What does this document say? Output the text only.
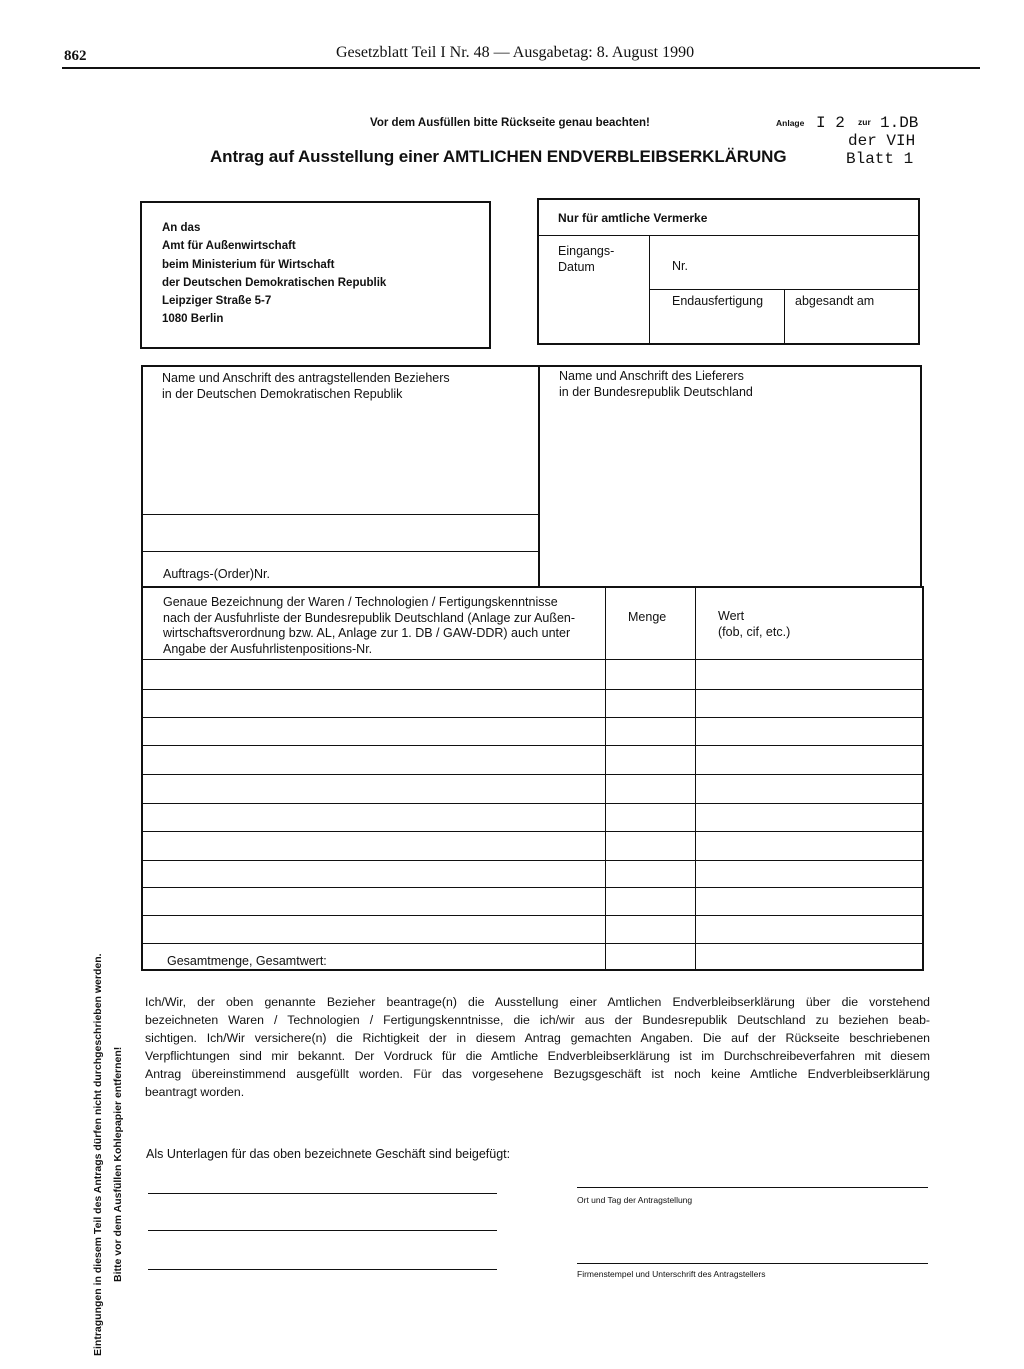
862	Gesetzblatt Teil I Nr. 48 — Ausgabetag: 8. August 1990
Vor dem Ausfüllen bitte Rückseite genau beachten!	Anlage I 2 zur 1.DB
der VIH
Blatt 1
Antrag auf Ausstellung einer AMTLICHEN ENDVERBLEIBSERKLÄRUNG
An das
Amt für Außenwirtschaft
beim Ministerium für Wirtschaft
der Deutschen Demokratischen Republik
Leipziger Straße 5-7
1080 Berlin
Nur für amtliche Vermerke
Eingangs-
Datum	Nr.
Endausfertigung	abgesandt am
Name und Anschrift des antragstellenden Beziehers
in der Deutschen Demokratischen Republik
Name und Anschrift des Lieferers
in der Bundesrepublik Deutschland
Auftrags-(Order)Nr.
Genaue Bezeichnung der Waren / Technologien / Fertigungskenntnisse
nach der Ausfuhrliste der Bundesrepublik Deutschland (Anlage zur Außen-
wirtschaftsverordnung bzw. AL, Anlage zur 1. DB / GAW-DDR) auch unter
Angabe der Ausfuhrlistenpositions-Nr.
Menge	Wert
(fob, cif, etc.)
Gesamtmenge, Gesamtwert:
Ich/Wir, der oben genannte Bezieher beantrage(n) die Ausstellung einer Amtlichen Endverbleibserklärung über die vorstehend
bezeichneten Waren / Technologien / Fertigungskenntnisse, die ich/wir aus der Bundesrepublik Deutschland zu beziehen beab-
sichtigen. Ich/Wir versichere(n) die Richtigkeit der in diesem Antrag gemachten Angaben. Die auf der Rückseite beschriebenen
Verpflichtungen sind mir bekannt. Der Vordruck für die Amtliche Endverbleibserklärung ist im Durchschreibeverfahren mit diesem
Antrag übereinstimmend ausgefüllt worden. Für das vorgesehene Bezugsgeschäft ist noch keine Amtliche Endverbleibserklärung
beantragt worden.
Als Unterlagen für das oben bezeichnete Geschäft sind beigefügt:
Ort und Tag der Antragstellung
Firmenstempel und Unterschrift des Antragstellers
Eintragungen in diesem Teil des Antrags dürfen nicht durchgeschrieben werden. Bitte vor dem Ausfüllen Kohlepapier entfernen!
